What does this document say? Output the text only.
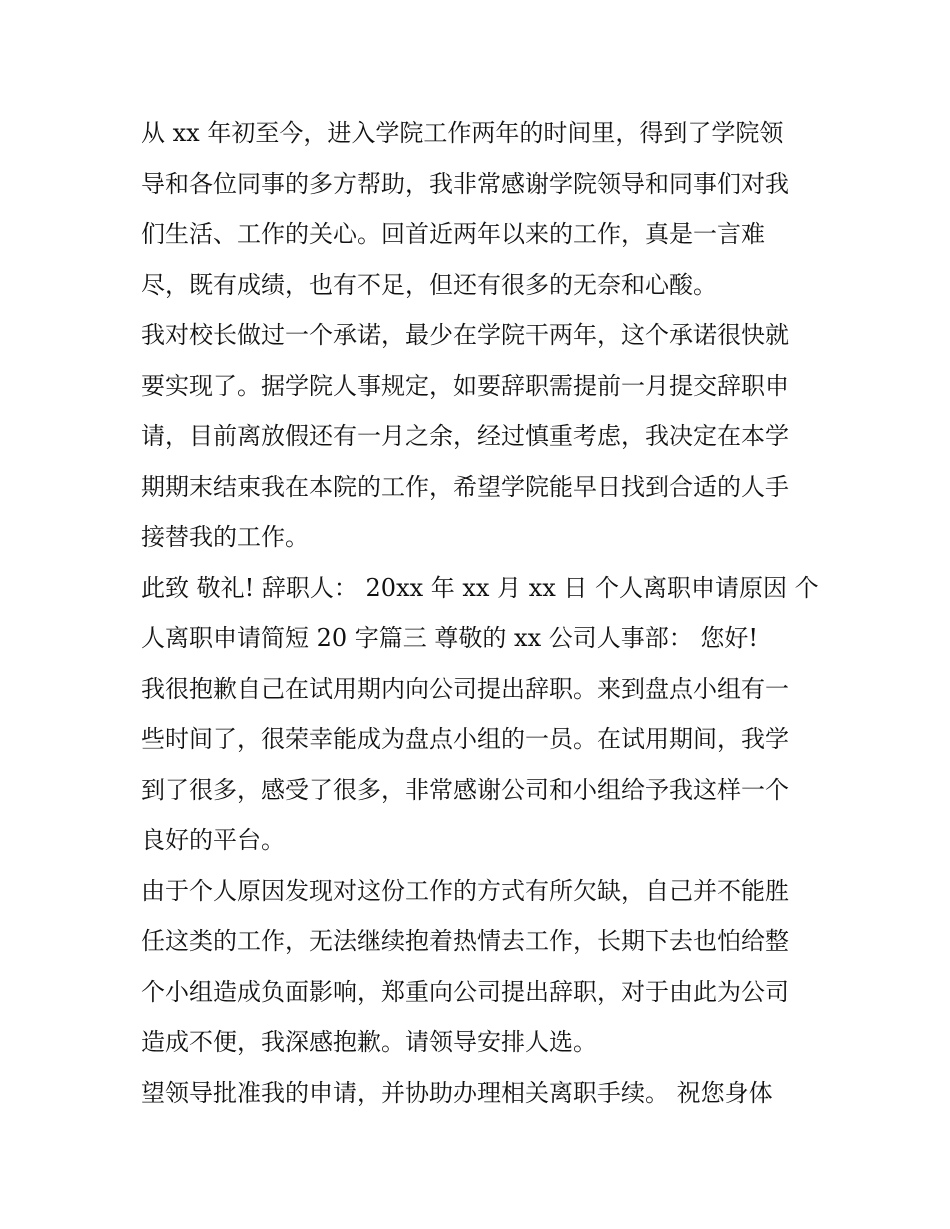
从 xx 年初至今，进入学院工作两年的时间里，得到了学院领
导和各位同事的多方帮助，我非常感谢学院领导和同事们对我
们生活、工作的关心。回首近两年以来的工作，真是一言难
尽，既有成绩，也有不足，但还有很多的无奈和心酸。
我对校长做过一个承诺，最少在学院干两年，这个承诺很快就
要实现了。据学院人事规定，如要辞职需提前一月提交辞职申
请，目前离放假还有一月之余，经过慎重考虑，我决定在本学
期期末结束我在本院的工作，希望学院能早日找到合适的人手
接替我的工作。
此致 敬礼! 辞职人： 20xx 年 xx 月 xx 日 个人离职申请原因 个
人离职申请简短 20 字篇三 尊敬的 xx 公司人事部： 您好!
我很抱歉自己在试用期内向公司提出辞职。来到盘点小组有一
些时间了，很荣幸能成为盘点小组的一员。在试用期间，我学
到了很多，感受了很多，非常感谢公司和小组给予我这样一个
良好的平台。
由于个人原因发现对这份工作的方式有所欠缺，自己并不能胜
任这类的工作，无法继续抱着热情去工作，长期下去也怕给整
个小组造成负面影响，郑重向公司提出辞职，对于由此为公司
造成不便，我深感抱歉。请领导安排人选。
望领导批准我的申请，并协助办理相关离职手续。 祝您身体
